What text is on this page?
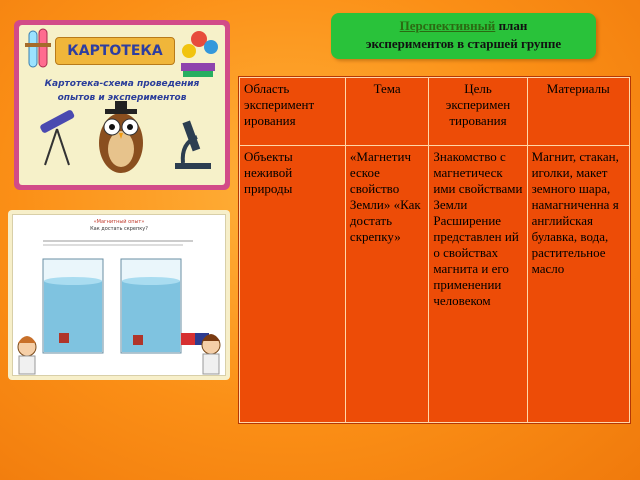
Перспективный план
экспериментов в старшей группе
КАРТОТЕКА
Картотека-схема проведения
опытов и экспериментов
«Магнитный опыт»
Как достать скрепку?
Область эксперимент ирования	Тема	Цель эксперимен тирования	Материалы
Объекты неживой природы	«Магнетич еское свойство Земли» «Как достать скрепку»	Знакомство с магнетическ ими свойствами Земли Расширение представлен ий о свойствах магнита и его применении человеком	Магнит, стакан, иголки, макет земного шара, намагниченна я английская булавка, вода, растительное масло
